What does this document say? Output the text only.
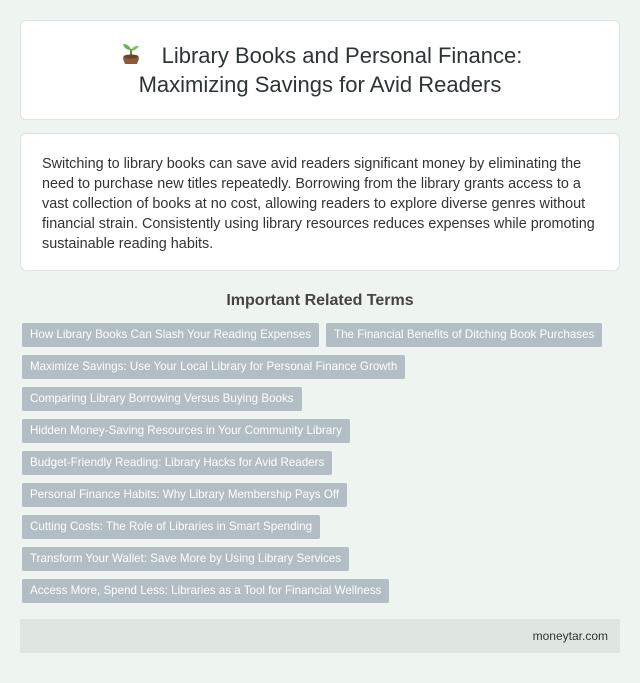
Library Books and Personal Finance: Maximizing Savings for Avid Readers

Switching to library books can save avid readers significant money by eliminating the need to purchase new titles repeatedly. Borrowing from the library grants access to a vast collection of books at no cost, allowing readers to explore diverse genres without financial strain. Consistently using library resources reduces expenses while promoting sustainable reading habits.

Important Related Terms
How Library Books Can Slash Your Reading Expenses	The Financial Benefits of Ditching Book Purchases
Maximize Savings: Use Your Local Library for Personal Finance Growth
Comparing Library Borrowing Versus Buying Books
Hidden Money-Saving Resources in Your Community Library
Budget-Friendly Reading: Library Hacks for Avid Readers
Personal Finance Habits: Why Library Membership Pays Off
Cutting Costs: The Role of Libraries in Smart Spending
Transform Your Wallet: Save More by Using Library Services
Access More, Spend Less: Libraries as a Tool for Financial Wellness
moneytar.com
